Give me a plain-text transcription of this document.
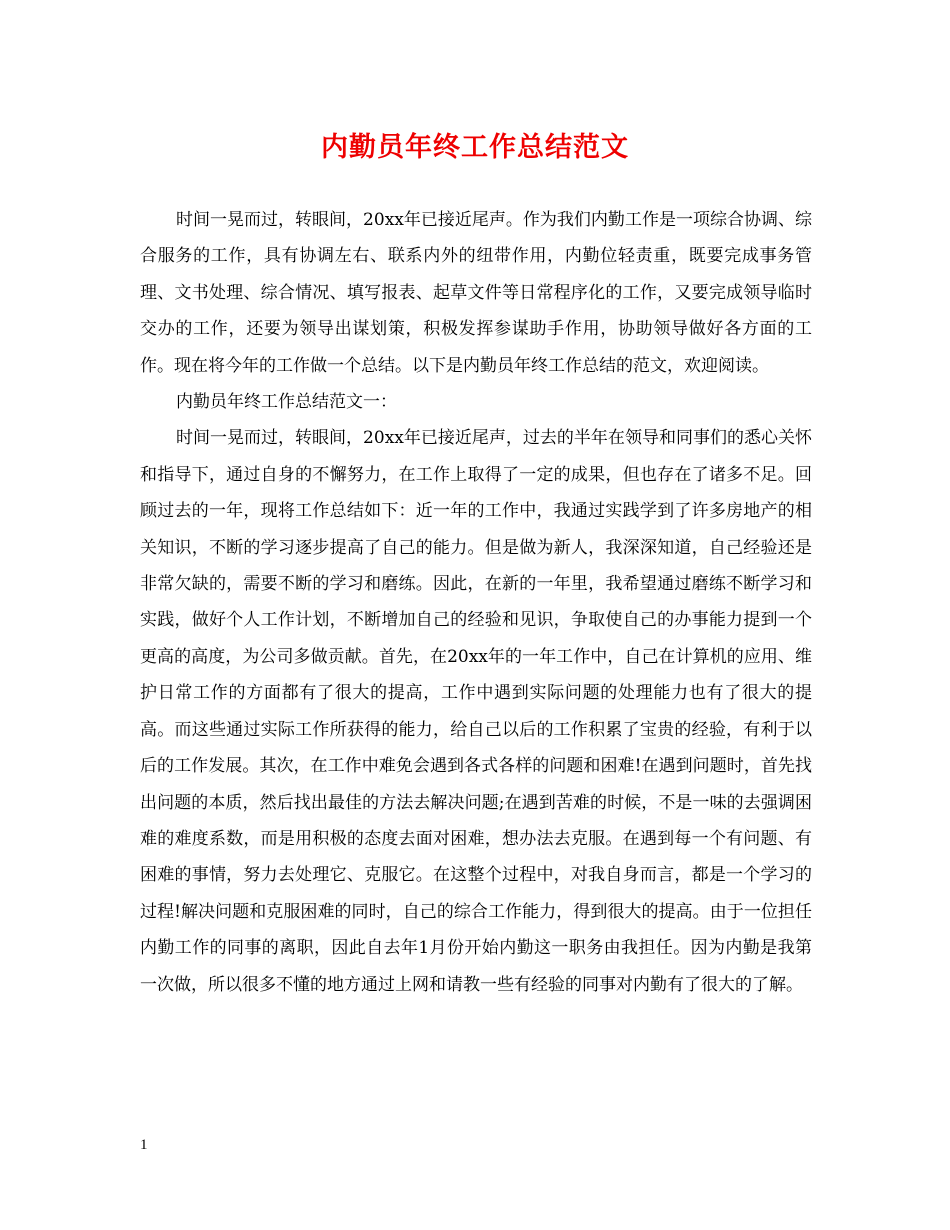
内勤员年终工作总结范文

时间一晃而过，转眼间，20xx年已接近尾声。作为我们内勤工作是一项综合协调、综合服务的工作，具有协调左右、联系内外的纽带作用，内勤位轻责重，既要完成事务管理、文书处理、综合情况、填写报表、起草文件等日常程序化的工作，又要完成领导临时交办的工作，还要为领导出谋划策，积极发挥参谋助手作用，协助领导做好各方面的工作。现在将今年的工作做一个总结。以下是内勤员年终工作总结的范文，欢迎阅读。

内勤员年终工作总结范文一：

时间一晃而过，转眼间，20xx年已接近尾声，过去的半年在领导和同事们的悉心关怀和指导下，通过自身的不懈努力，在工作上取得了一定的成果，但也存在了诸多不足。回顾过去的一年，现将工作总结如下：近一年的工作中，我通过实践学到了许多房地产的相关知识，不断的学习逐步提高了自己的能力。但是做为新人，我深深知道，自己经验还是非常欠缺的，需要不断的学习和磨练。因此，在新的一年里，我希望通过磨练不断学习和实践，做好个人工作计划，不断增加自己的经验和见识，争取使自己的办事能力提到一个更高的高度，为公司多做贡献。首先，在20xx年的一年工作中，自己在计算机的应用、维护日常工作的方面都有了很大的提高，工作中遇到实际问题的处理能力也有了很大的提高。而这些通过实际工作所获得的能力，给自己以后的工作积累了宝贵的经验，有利于以后的工作发展。其次，在工作中难免会遇到各式各样的问题和困难!在遇到问题时，首先找出问题的本质，然后找出最佳的方法去解决问题;在遇到苦难的时候，不是一味的去强调困难的难度系数，而是用积极的态度去面对困难，想办法去克服。在遇到每一个有问题、有困难的事情，努力去处理它、克服它。在这整个过程中，对我自身而言，都是一个学习的过程!解决问题和克服困难的同时，自己的综合工作能力，得到很大的提高。由于一位担任内勤工作的同事的离职，因此自去年1月份开始内勤这一职务由我担任。因为内勤是我第一次做，所以很多不懂的地方通过上网和请教一些有经验的同事对内勤有了很大的了解。

1
